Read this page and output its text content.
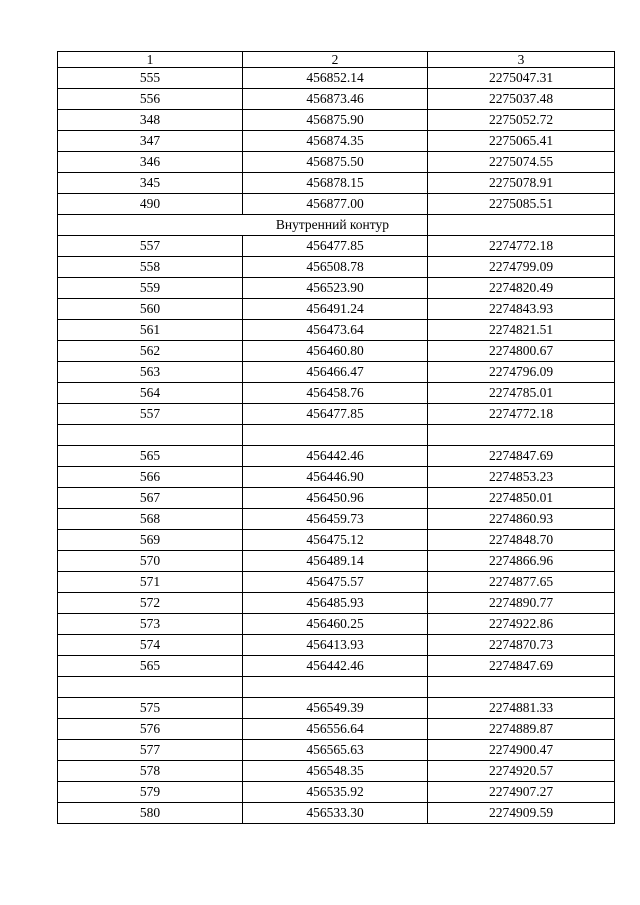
1	2	3
555	456852.14	2275047.31
556	456873.46	2275037.48
348	456875.90	2275052.72
347	456874.35	2275065.41
346	456875.50	2275074.55
345	456878.15	2275078.91
490	456877.00	2275085.51
Внутренний контур		
557	456477.85	2274772.18
558	456508.78	2274799.09
559	456523.90	2274820.49
560	456491.24	2274843.93
561	456473.64	2274821.51
562	456460.80	2274800.67
563	456466.47	2274796.09
564	456458.76	2274785.01
557	456477.85	2274772.18

565	456442.46	2274847.69
566	456446.90	2274853.23
567	456450.96	2274850.01
568	456459.73	2274860.93
569	456475.12	2274848.70
570	456489.14	2274866.96
571	456475.57	2274877.65
572	456485.93	2274890.77
573	456460.25	2274922.86
574	456413.93	2274870.73
565	456442.46	2274847.69

575	456549.39	2274881.33
576	456556.64	2274889.87
577	456565.63	2274900.47
578	456548.35	2274920.57
579	456535.92	2274907.27
580	456533.30	2274909.59
